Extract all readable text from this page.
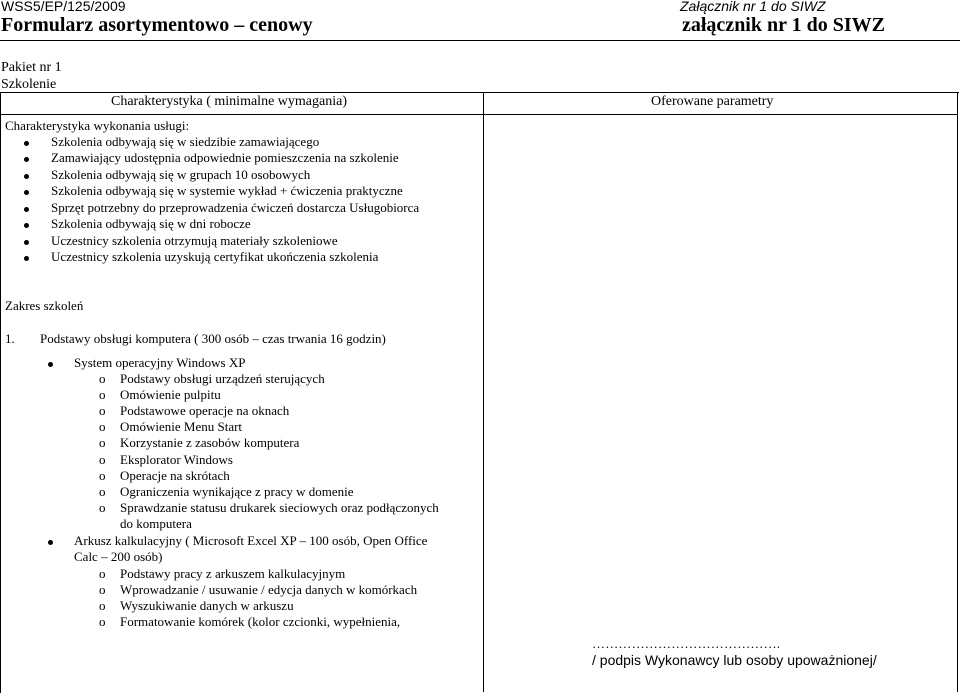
WSS5/EP/125/2009
Formularz asortymentowo – cenowy
Załącznik nr 1 do SIWZ
załącznik nr 1 do SIWZ
Pakiet nr 1
Szkolenie
Charakterystyka ( minimalne wymagania)	Oferowane parametry
Charakterystyka wykonania usługi:
Szkolenia odbywają się w siedzibie zamawiającego
Zamawiający udostępnia odpowiednie pomieszczenia na szkolenie
Szkolenia odbywają się w grupach 10 osobowych
Szkolenia odbywają się w systemie wykład + ćwiczenia praktyczne
Sprzęt potrzebny do przeprowadzenia ćwiczeń dostarcza Usługobiorca
Szkolenia odbywają się w dni robocze
Uczestnicy szkolenia otrzymują materiały szkoleniowe
Uczestnicy szkolenia uzyskują certyfikat ukończenia szkolenia
Zakres szkoleń
1. Podstawy obsługi komputera ( 300 osób – czas trwania 16 godzin)
System operacyjny Windows XP
o Podstawy obsługi urządzeń sterujących
o Omówienie pulpitu
o Podstawowe operacje na oknach
o Omówienie Menu Start
o Korzystanie z zasobów komputera
o Eksplorator Windows
o Operacje na skrótach
o Ograniczenia wynikające z pracy w domenie
o Sprawdzanie statusu drukarek sieciowych oraz podłączonych
do komputera
Arkusz kalkulacyjny ( Microsoft Excel XP – 100 osób, Open Office
Calc – 200 osób)
o Podstawy pracy z arkuszem kalkulacyjnym
o Wprowadzanie / usuwanie / edycja danych w komórkach
o Wyszukiwanie danych w arkuszu
o Formatowanie komórek (kolor czcionki, wypełnienia,
…………………………………….
/ podpis Wykonawcy lub osoby upoważnionej/
